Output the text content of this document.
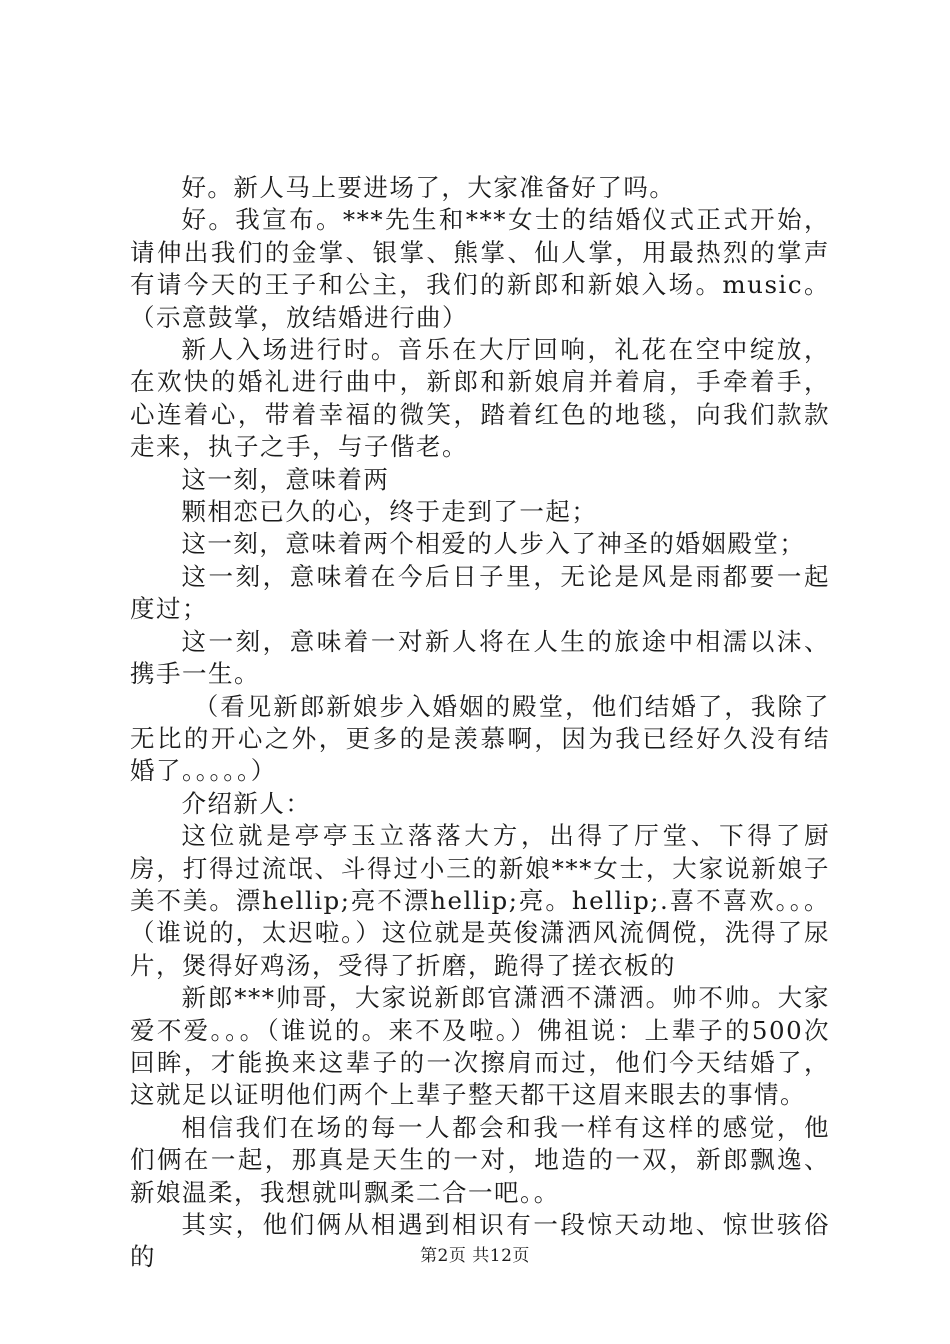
好。新人马上要进场了，大家准备好了吗。

好。我宣布。***先生和***女士的结婚仪式正式开始，请伸出我们的金掌、银掌、熊掌、仙人掌，用最热烈的掌声有请今天的王子和公主，我们的新郎和新娘入场。music。（示意鼓掌，放结婚进行曲）

新人入场进行时。音乐在大厅回响，礼花在空中绽放，在欢快的婚礼进行曲中，新郎和新娘肩并着肩，手牵着手，心连着心，带着幸福的微笑，踏着红色的地毯，向我们款款走来，执子之手，与子偕老。

这一刻，意味着两

颗相恋已久的心，终于走到了一起；

这一刻，意味着两个相爱的人步入了神圣的婚姻殿堂；

这一刻，意味着在今后日子里，无论是风是雨都要一起度过；

这一刻，意味着一对新人将在人生的旅途中相濡以沫、携手一生。

（看见新郎新娘步入婚姻的殿堂，他们结婚了，我除了无比的开心之外，更多的是羡慕啊，因为我已经好久没有结婚了。。。。。）

介绍新人：

这位就是亭亭玉立落落大方，出得了厅堂、下得了厨房，打得过流氓、斗得过小三的新娘***女士，大家说新娘子美不美。漂hellip;亮不漂hellip;亮。hellip;.喜不喜欢。。。（谁说的，太迟啦。）这位就是英俊潇洒风流倜傥，洗得了尿片，煲得好鸡汤，受得了折磨，跪得了搓衣板的

新郎***帅哥，大家说新郎官潇洒不潇洒。帅不帅。大家爱不爱。。。（谁说的。来不及啦。）佛祖说：上辈子的500次回眸，才能换来这辈子的一次擦肩而过，他们今天结婚了，这就足以证明他们两个上辈子整天都干这眉来眼去的事情。

相信我们在场的每一人都会和我一样有这样的感觉，他们俩在一起，那真是天生的一对，地造的一双，新郎飘逸、新娘温柔，我想就叫飘柔二合一吧。。

其实，他们俩从相遇到相识有一段惊天动地、惊世骇俗的	第2页 共12页
